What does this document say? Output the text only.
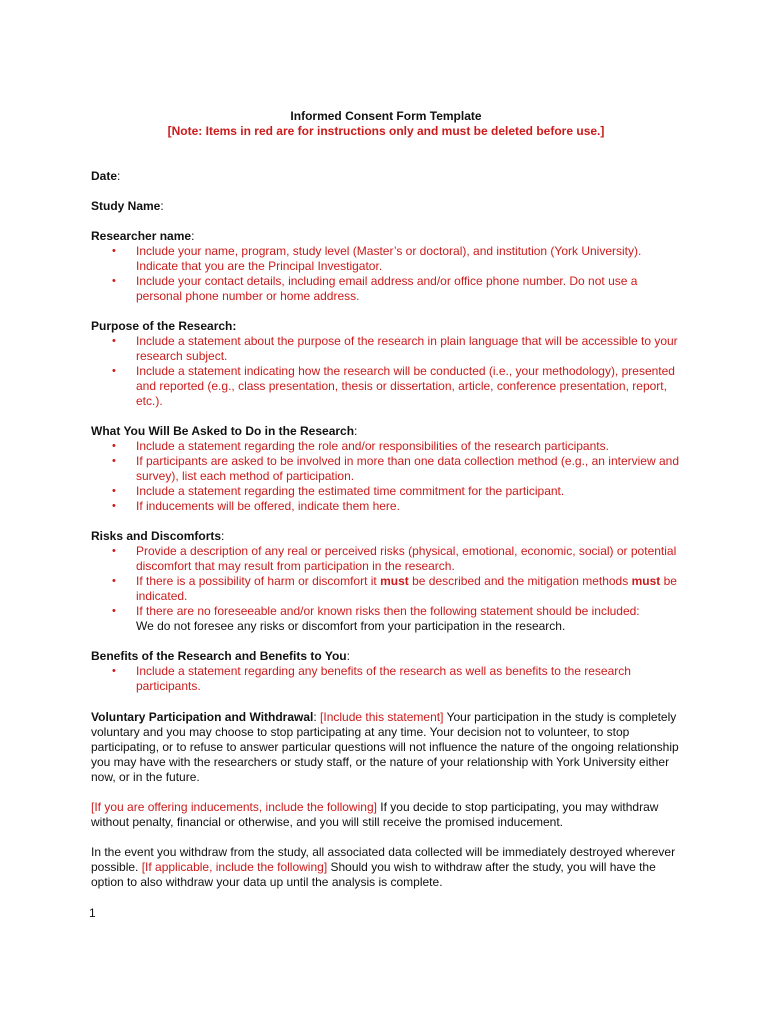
Informed Consent Form Template
[Note: Items in red are for instructions only and must be deleted before use.]
Date:
Study Name:
Researcher name:
• Include your name, program, study level (Master’s or doctoral), and institution (York University). Indicate that you are the Principal Investigator.
• Include your contact details, including email address and/or office phone number. Do not use a personal phone number or home address.
Purpose of the Research:
• Include a statement about the purpose of the research in plain language that will be accessible to your research subject.
• Include a statement indicating how the research will be conducted (i.e., your methodology), presented and reported (e.g., class presentation, thesis or dissertation, article, conference presentation, report, etc.).
What You Will Be Asked to Do in the Research:
• Include a statement regarding the role and/or responsibilities of the research participants.
• If participants are asked to be involved in more than one data collection method (e.g., an interview and survey), list each method of participation.
• Include a statement regarding the estimated time commitment for the participant.
• If inducements will be offered, indicate them here.
Risks and Discomforts:
• Provide a description of any real or perceived risks (physical, emotional, economic, social) or potential discomfort that may result from participation in the research.
• If there is a possibility of harm or discomfort it must be described and the mitigation methods must be indicated.
• If there are no foreseeable and/or known risks then the following statement should be included:
We do not foresee any risks or discomfort from your participation in the research.
Benefits of the Research and Benefits to You:
• Include a statement regarding any benefits of the research as well as benefits to the research participants.
Voluntary Participation and Withdrawal: [Include this statement] Your participation in the study is completely voluntary and you may choose to stop participating at any time. Your decision not to volunteer, to stop participating, or to refuse to answer particular questions will not influence the nature of the ongoing relationship you may have with the researchers or study staff, or the nature of your relationship with York University either now, or in the future.
[If you are offering inducements, include the following] If you decide to stop participating, you may withdraw without penalty, financial or otherwise, and you will still receive the promised inducement.
In the event you withdraw from the study, all associated data collected will be immediately destroyed wherever possible. [If applicable, include the following] Should you wish to withdraw after the study, you will have the option to also withdraw your data up until the analysis is complete.
1
